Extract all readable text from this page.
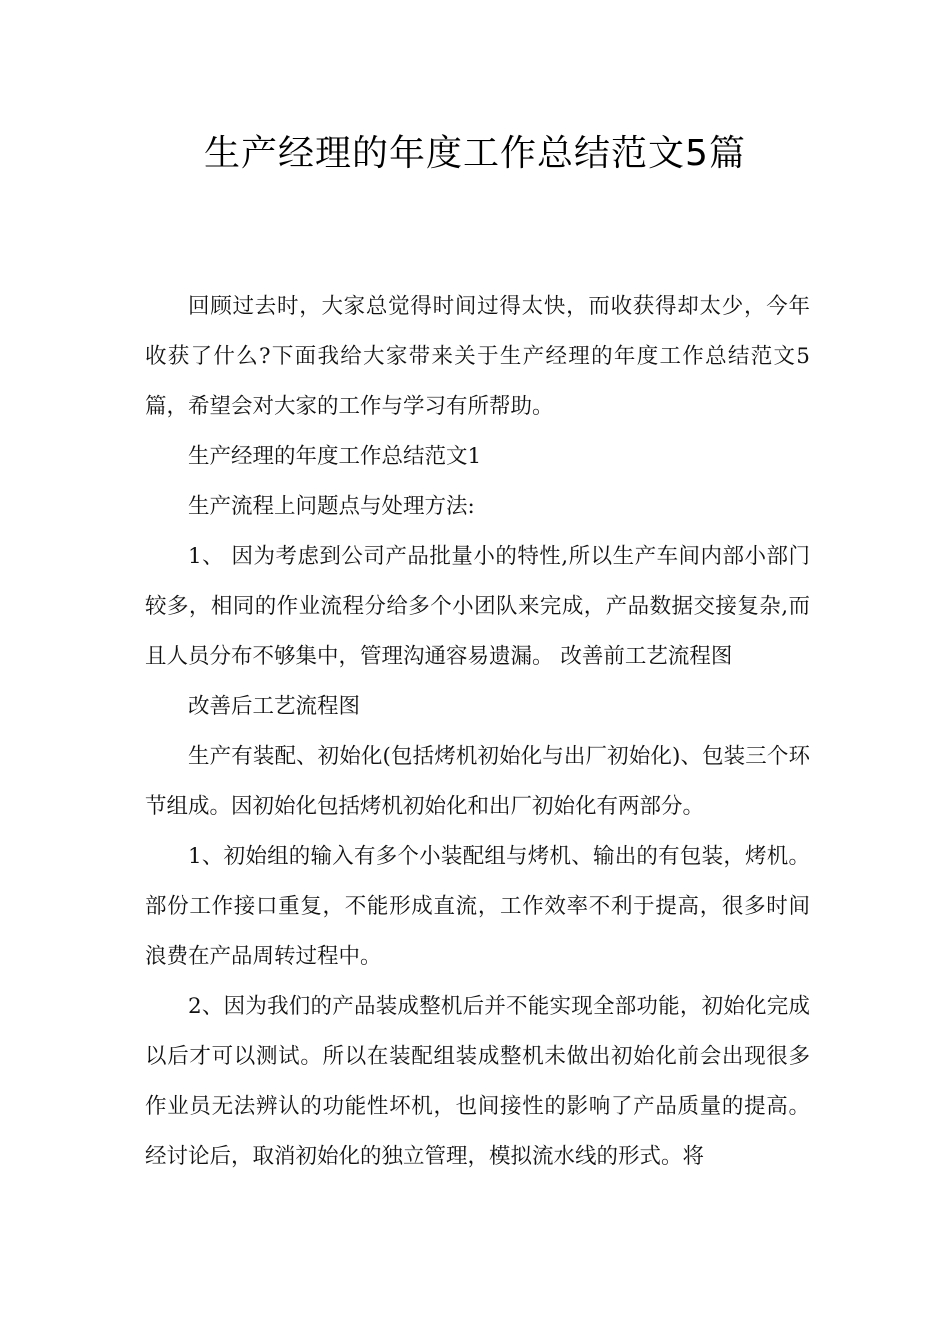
生产经理的年度工作总结范文5篇

回顾过去时，大家总觉得时间过得太快，而收获得却太少，今年收获了什么?下面我给大家带来关于生产经理的年度工作总结范文5篇，希望会对大家的工作与学习有所帮助。

生产经理的年度工作总结范文1

生产流程上问题点与处理方法:

1、 因为考虑到公司产品批量小的特性,所以生产车间内部小部门较多，相同的作业流程分给多个小团队来完成，产品数据交接复杂,而且人员分布不够集中，管理沟通容易遗漏。 改善前工艺流程图

改善后工艺流程图

生产有装配、初始化(包括烤机初始化与出厂初始化)、包装三个环节组成。因初始化包括烤机初始化和出厂初始化有两部分。

1、初始组的输入有多个小装配组与烤机、输出的有包装，烤机。部份工作接口重复，不能形成直流，工作效率不利于提高，很多时间浪费在产品周转过程中。

2、因为我们的产品装成整机后并不能实现全部功能，初始化完成以后才可以测试。所以在装配组装成整机未做出初始化前会出现很多作业员无法辨认的功能性坏机，也间接性的影响了产品质量的提高。经讨论后，取消初始化的独立管理，模拟流水线的形式。将
